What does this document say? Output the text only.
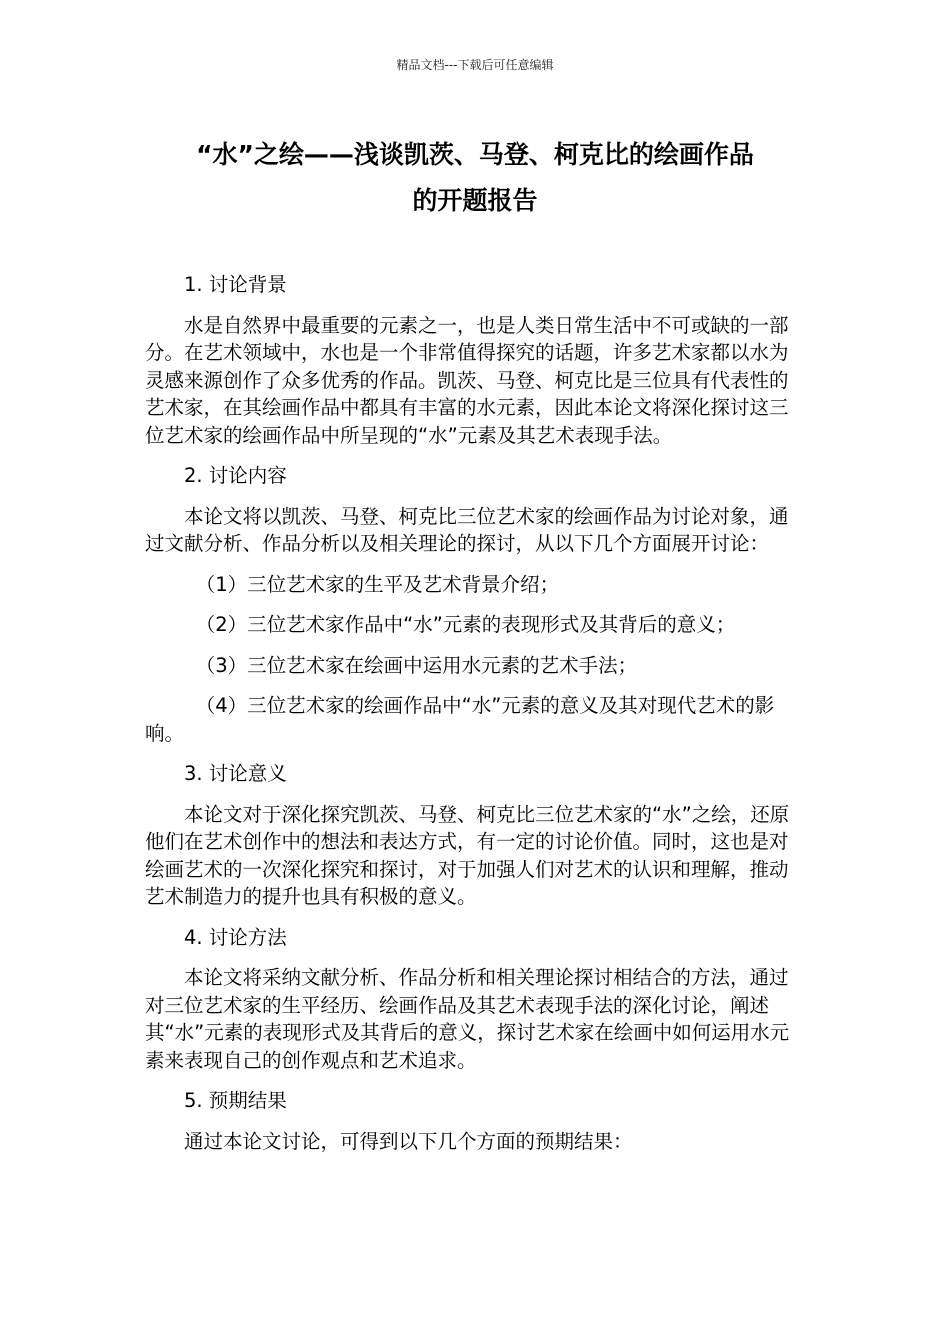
精品文档---下载后可任意编辑
“水”之绘——浅谈凯茨、马登、柯克比的绘画作品
的开题报告

1. 讨论背景

水是自然界中最重要的元素之一，也是人类日常生活中不可或缺的一部分。在艺术领域中，水也是一个非常值得探究的话题，许多艺术家都以水为灵感来源创作了众多优秀的作品。凯茨、马登、柯克比是三位具有代表性的艺术家，在其绘画作品中都具有丰富的水元素，因此本论文将深化探讨这三位艺术家的绘画作品中所呈现的“水”元素及其艺术表现手法。

2. 讨论内容

本论文将以凯茨、马登、柯克比三位艺术家的绘画作品为讨论对象，通过文献分析、作品分析以及相关理论的探讨，从以下几个方面展开讨论：

（1）三位艺术家的生平及艺术背景介绍；

（2）三位艺术家作品中“水”元素的表现形式及其背后的意义；

（3）三位艺术家在绘画中运用水元素的艺术手法；

（4）三位艺术家的绘画作品中“水”元素的意义及其对现代艺术的影响。

3. 讨论意义

本论文对于深化探究凯茨、马登、柯克比三位艺术家的“水”之绘，还原他们在艺术创作中的想法和表达方式，有一定的讨论价值。同时，这也是对绘画艺术的一次深化探究和探讨，对于加强人们对艺术的认识和理解，推动艺术制造力的提升也具有积极的意义。

4. 讨论方法

本论文将采纳文献分析、作品分析和相关理论探讨相结合的方法，通过对三位艺术家的生平经历、绘画作品及其艺术表现手法的深化讨论，阐述其“水”元素的表现形式及其背后的意义，探讨艺术家在绘画中如何运用水元素来表现自己的创作观点和艺术追求。

5. 预期结果

通过本论文讨论，可得到以下几个方面的预期结果：
